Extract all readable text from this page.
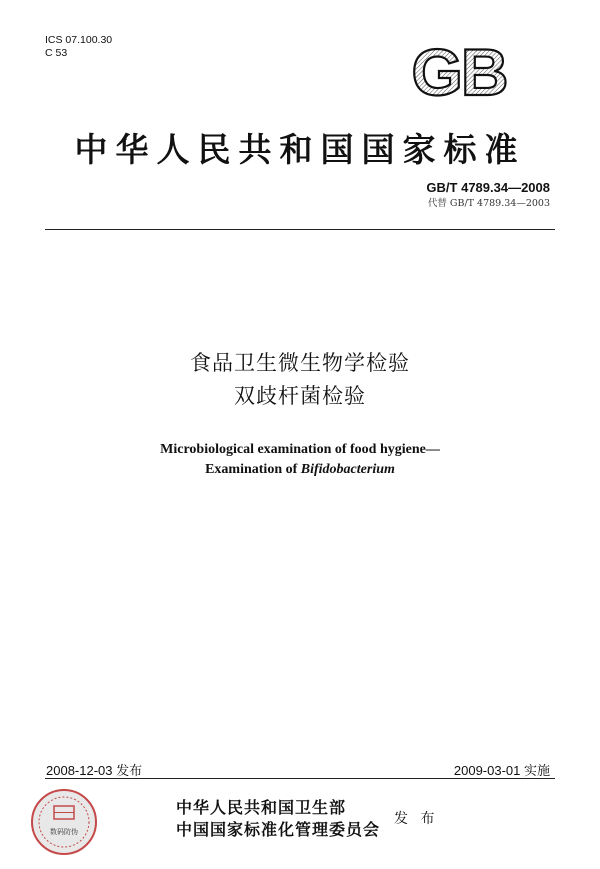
ICS 07.100.30
C 53	GB
中华人民共和国国家标准
GB/T 4789.34—2008
代替 GB/T 4789.34—2003
食品卫生微生物学检验
双歧杆菌检验
Microbiological examination of food hygiene—
Examination of Bifidobacterium
2008-12-03 发布	2009-03-01 实施
数码防伪
中华人民共和国卫生部
中国国家标准化管理委员会
发 布
